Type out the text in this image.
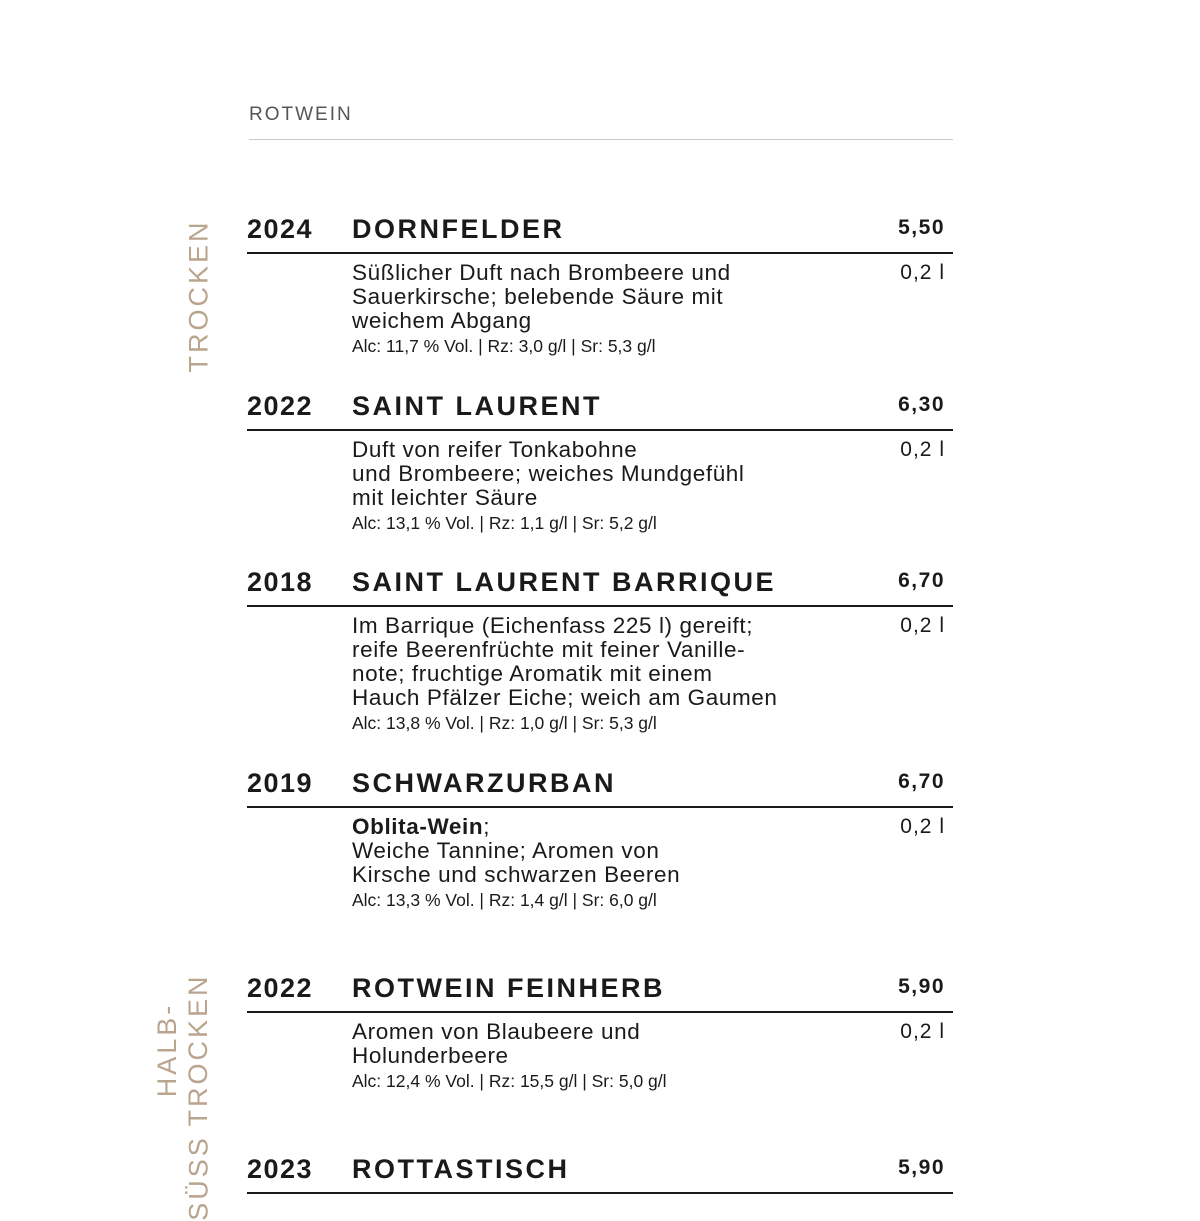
ROTWEIN
TROCKEN
HALB- TROCKEN
SÜSS
2024 DORNFELDER	5,50
Süßlicher Duft nach Brombeere und
Sauerkirsche; belebende Säure mit
weichem Abgang
Alc: 11,7 % Vol. | Rz: 3,0 g/l | Sr: 5,3 g/l
0,2 l
2022 SAINT LAURENT	6,30
Duft von reifer Tonkabohne
und Brombeere; weiches Mundgefühl
mit leichter Säure
Alc: 13,1 % Vol. | Rz: 1,1 g/l | Sr: 5,2 g/l
0,2 l
2018 SAINT LAURENT BARRIQUE	6,70
Im Barrique (Eichenfass 225 l) gereift;
reife Beerenfrüchte mit feiner Vanille-
note; fruchtige Aromatik mit einem
Hauch Pfälzer Eiche; weich am Gaumen
Alc: 13,8 % Vol. | Rz: 1,0 g/l | Sr: 5,3 g/l
0,2 l
2019 SCHWARZURBAN	6,70
Oblita-Wein;
Weiche Tannine; Aromen von
Kirsche und schwarzen Beeren
Alc: 13,3 % Vol. | Rz: 1,4 g/l | Sr: 6,0 g/l
0,2 l
2022 ROTWEIN FEINHERB	5,90
Aromen von Blaubeere und
Holunderbeere
Alc: 12,4 % Vol. | Rz: 15,5 g/l | Sr: 5,0 g/l
0,2 l
2023 ROTTASTISCH	5,90
